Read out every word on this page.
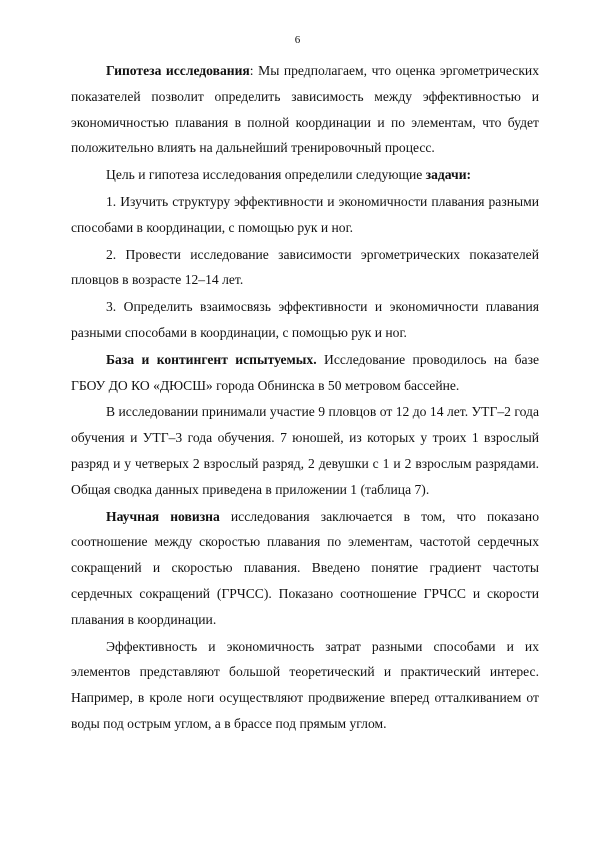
6

Гипотеза исследования: Мы предполагаем, что оценка эргометрических показателей позволит определить зависимость между эффективностью и экономичностью плавания в полной координации и по элементам, что будет положительно влиять на дальнейший тренировочный процесс.

Цель и гипотеза исследования определили следующие задачи:

1. Изучить структуру эффективности и экономичности плавания разными способами в координации, с помощью рук и ног.

2. Провести исследование зависимости эргометрических показателей пловцов в возрасте 12–14 лет.

3. Определить взаимосвязь эффективности и экономичности плавания разными способами в координации, с помощью рук и ног.

База и контингент испытуемых. Исследование проводилось на базе ГБОУ ДО КО «ДЮСШ» города Обнинска в 50 метровом бассейне.

В исследовании принимали участие 9 пловцов от 12 до 14 лет. УТГ–2 года обучения и УТГ–3 года обучения. 7 юношей, из которых у троих 1 взрослый разряд и у четверых 2 взрослый разряд, 2 девушки с 1 и 2 взрослым разрядами. Общая сводка данных приведена в приложении 1 (таблица 7).

Научная новизна исследования заключается в том, что показано соотношение между скоростью плавания по элементам, частотой сердечных сокращений и скоростью плавания. Введено понятие градиент частоты сердечных сокращений (ГРЧСС). Показано соотношение ГРЧСС и скорости плавания в координации.

Эффективность и экономичность затрат разными способами и их элементов представляют большой теоретический и практический интерес. Например, в кроле ноги осуществляют продвижение вперед отталкиванием от воды под острым углом, а в брассе под прямым углом.
